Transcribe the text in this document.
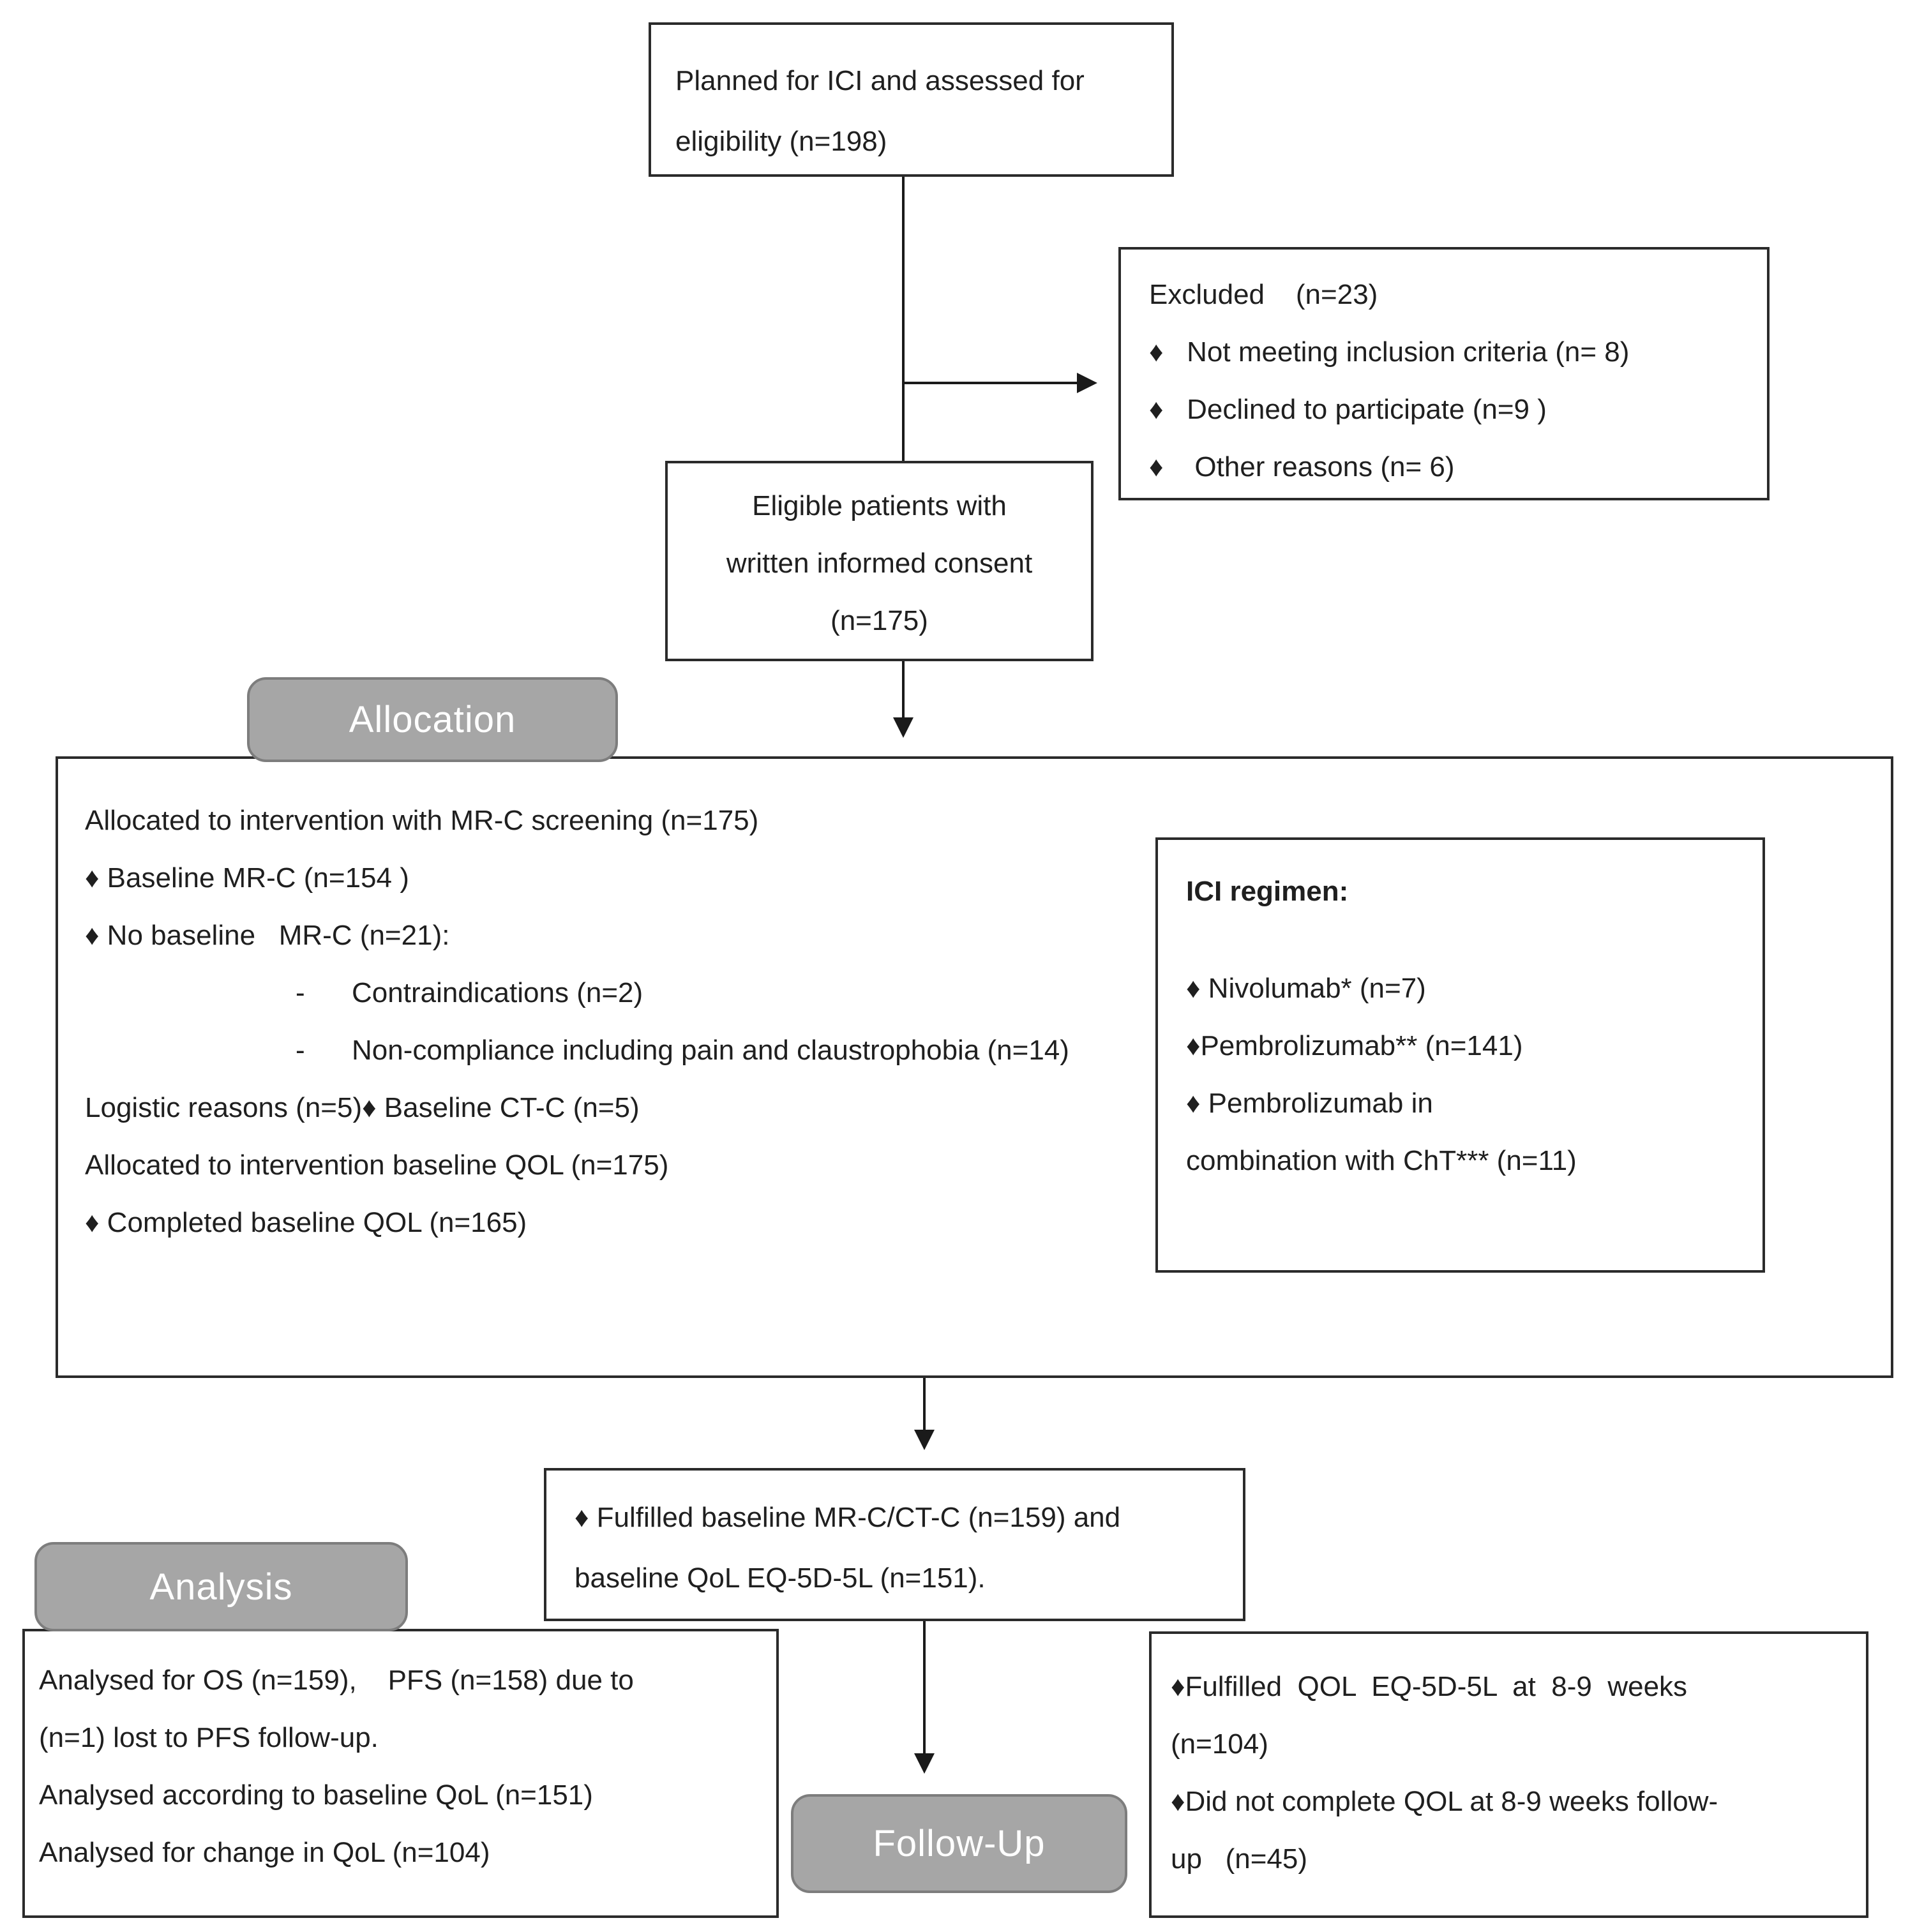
Planned for ICI and assessed for
eligibility (n=198)
Excluded    (n=23)
♦   Not meeting inclusion criteria (n= 8)
♦   Declined to participate (n=9 )
♦    Other reasons (n= 6)
Eligible patients with
written informed consent
(n=175)
Allocated to intervention with MR-C screening (n=175)
♦ Baseline MR-C (n=154 )
♦ No baseline   MR-C (n=21):
-      Contraindications (n=2)
-      Non-compliance including pain and claustrophobia (n=14)
Logistic reasons (n=5)♦ Baseline CT-C (n=5)
Allocated to intervention baseline QOL (n=175)
♦ Completed baseline QOL (n=165)
ICI regimen:
♦ Nivolumab* (n=7)
♦Pembrolizumab** (n=141)
♦ Pembrolizumab in
combination with ChT*** (n=11)
♦ Fulfilled baseline MR-C/CT-C (n=159) and
baseline QoL EQ-5D-5L (n=151).
Analysed for OS (n=159),    PFS (n=158) due to
(n=1) lost to PFS follow-up.
Analysed according to baseline QoL (n=151)
Analysed for change in QoL (n=104)
♦Fulfilled  QOL  EQ-5D-5L  at  8-9  weeks
(n=104)
♦Did not complete QOL at 8-9 weeks follow-
up   (n=45)
Allocation
Analysis
Follow-Up
